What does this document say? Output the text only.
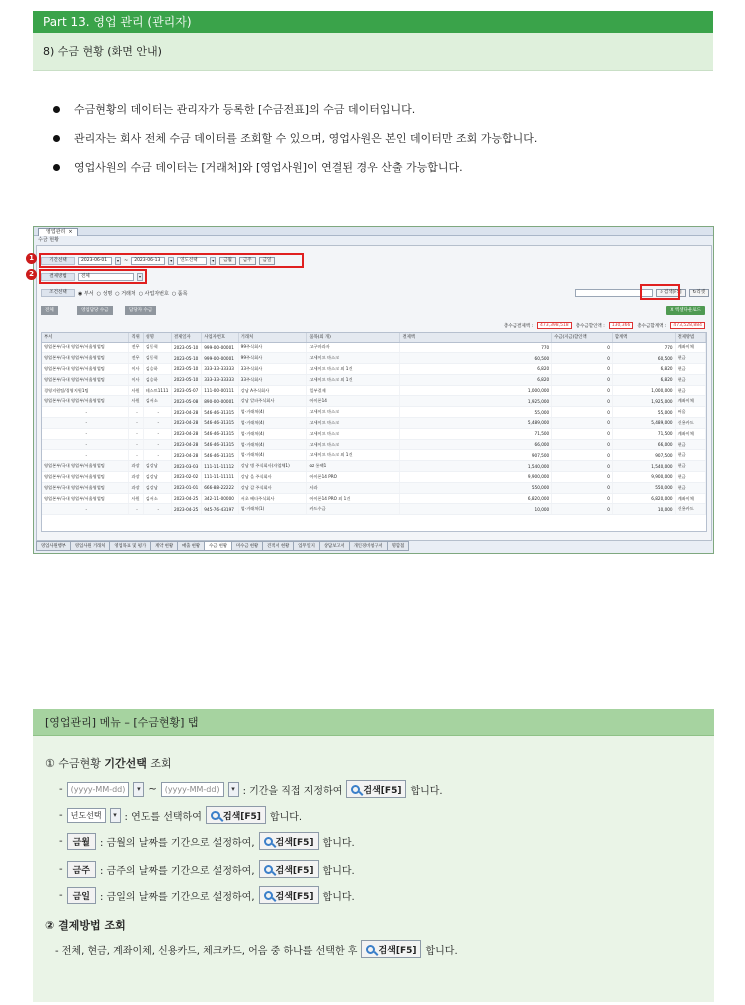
Part 13. 영업 관리 (관리자)
8) 수금 현황 (화면 안내)
수금현황의 데이터는 관리자가 등록한 [수금전표]의 수금 데이터입니다.
관리자는 회사 전체 수금 데이터를 조회할 수 있으며, 영업사원은 본인 데이터만 조회 가능합니다.
영업사원의 수금 데이터는 [거래처]와 [영업사원]이 연결된 경우 산출 가능합니다.
영업관리 ×
수금 현황
기간선택	2023-06-01	▾	~	2023-06-13	▾	연도선택	▾	금월	금주	금일
결제방법	전체	▾
조건선택	◉ 부서 ○ 성명 ○ 거래처 ○ 사업자번호 ○ 품목	⌕ 검색[F5]	↻리셋
전체	영업담당 수금	담당자 수금	X 엑셀다운로드
총수금결제액 :	473,398,518	총수금할인액 :	130,366	총수금합계액 :	473,528,884
부서	직위	성명	결제일자	사업자번호	거래처	품목(외 개)	결제액	수금(지금)할인액	합계액	결제방법
영업본부/국내 영업부/서울영업팀	전무	김동혁	2023-05-10	999-00-00001	99주식회사	고구마과자	770	0	770	계좌이체
영업본부/국내 영업부/서울영업팀	전무	김동혁	2023-05-10	999-00-00001	99주식회사	고세이프 마스크	60,500	0	60,500	현금
영업본부/국내 영업부/서울영업팀	이사	김승하	2023-05-10	333-33-33333	33주식회사	고세이프 마스크 외 1건	6,820	0	6,820	현금
영업본부/국내 영업부/서울영업팀	이사	김승하	2023-05-10	333-33-33333	33주식회사	고세이프 마스크 외 1건	6,820	0	6,820	현금
경영지원팀/경영지원1팀	사원	테스트1111	2023-05-07	111-00-00111	강남 A주식회사	일부결제	1,000,000	0	1,000,000	현금
영업본부/국내 영업부/서울영업팀	사원	김서소	2023-05-08	890-00-00001	강남 알파주식회사	아이폰14	1,925,000	0	1,925,000	계좌이체
-	-	-	2023-04-28	546-46-31315	업-거래처(4)	고세이프 마스크	55,000	0	55,000	어음
-	-	-	2023-04-28	546-46-31315	업-거래처(4)	고세이프 마스크	5,489,000	0	5,489,000	신용카드
-	-	-	2023-04-28	546-46-31315	업-거래처(4)	고세이프 마스크	71,500	0	71,500	계좌이체
-	-	-	2023-04-28	546-46-31315	업-거래처(4)	고세이프 마스크	66,000	0	66,000	현금
-	-	-	2023-04-28	546-46-31315	업-거래처(4)	고세이프 마스크 외 1건	907,500	0	907,500	현금
영업본부/국내 영업부/서울영업팀	과장	김강남	2023-03-03	111-11-11112	강남 병 주식회사(자업체1)	oz 롱팩1	1,540,000	0	1,540,000	현금
영업본부/국내 영업부/서울영업팀	과장	김강남	2023-02-02	111-11-11111	강남 을 주식회사	아이폰14 PRO	9,900,000	0	9,900,000	현금
영업본부/국내 영업부/서울영업팀	과장	김강남	2023-01-01	666-88-22222	강남 갑 주식회사	사과	550,000	0	550,000	현금
영업본부/국내 영업부/서울영업팀	사원	김서소	2023-04-25	342-11-00000	서초 베타주식회사	아이폰14 PRO 외 1건	6,820,000	0	6,820,000	계좌이체
-	-	-	2023-04-25	945-76-43197	업-거래처(1)	카드수금	10,000	0	10,000	신용카드
영업사원행부	영업사원 거래처	영업목표 및 평가	계약 현황	매출 현황	수금 현황	미수금 현황	견적서 현황	업무일지	상담보고서	개인경비청구서	명함첩
1
2
[영업관리] 메뉴 – [수금현황] 탭
① 수금현황 기간선택 조회
-	(yyyy-MM-dd)	▾ ~	(yyyy-MM-dd)	▾ : 기간을 직접 지정하여 검색[F5] 합니다.
-	년도선택	▾ : 연도를 선택하여 검색[F5] 합니다.
-	금월	: 금월의 날짜를 기간으로 설정하여, 검색[F5] 합니다.
-	금주	: 금주의 날짜를 기간으로 설정하여, 검색[F5] 합니다.
-	금일	: 금일의 날짜를 기간으로 설정하여, 검색[F5] 합니다.
② 결제방법 조회
- 전체, 현금, 계좌이체, 신용카드, 체크카드, 어음 중 하나를 선택한 후 검색[F5] 합니다.
